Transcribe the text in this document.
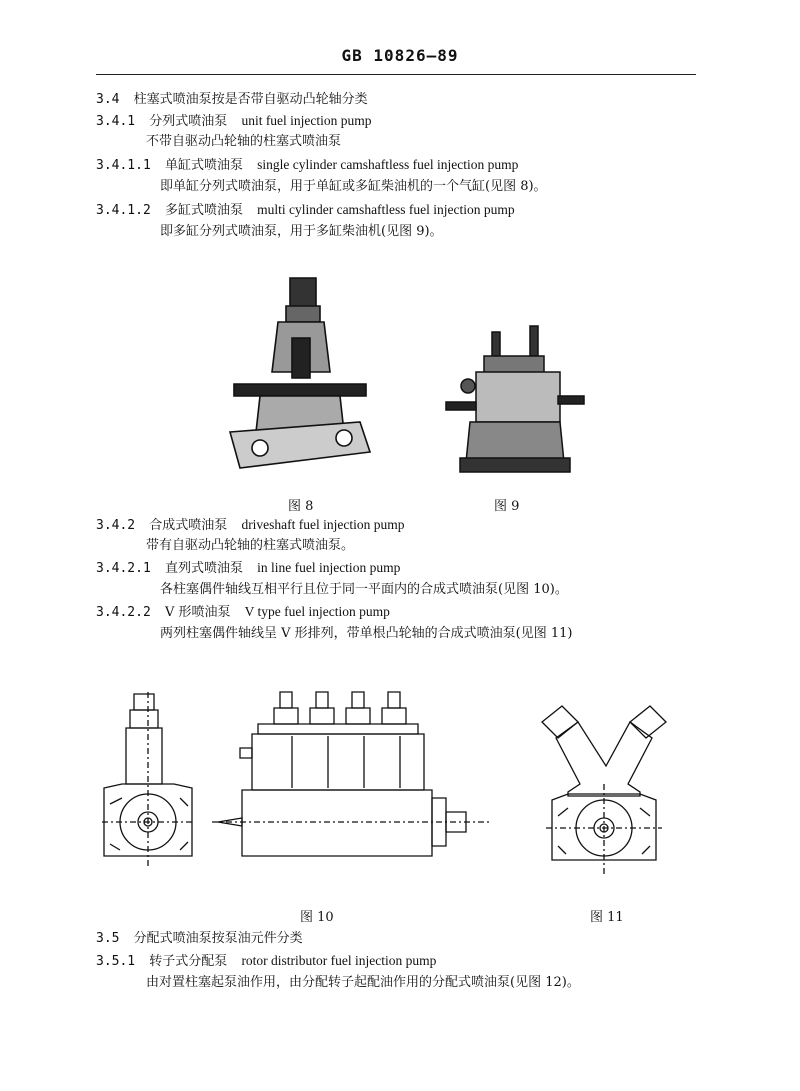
GB 10826—89
3.4 柱塞式喷油泵按是否带自驱动凸轮轴分类
3.4.1 分列式喷油泵 unit fuel injection pump
不带自驱动凸轮轴的柱塞式喷油泵
3.4.1.1 单缸式喷油泵 single cylinder camshaftless fuel injection pump
即单缸分列式喷油泵，用于单缸或多缸柴油机的一个气缸(见图 8)。
3.4.1.2 多缸式喷油泵 multi cylinder camshaftless fuel injection pump
即多缸分列式喷油泵，用于多缸柴油机(见图 9)。
图 8	图 9
3.4.2 合成式喷油泵 driveshaft fuel injection pump
带有自驱动凸轮轴的柱塞式喷油泵。
3.4.2.1 直列式喷油泵 in line fuel injection pump
各柱塞偶件轴线互相平行且位于同一平面内的合成式喷油泵(见图 10)。
3.4.2.2 V 形喷油泵 V type fuel injection pump
两列柱塞偶件轴线呈 V 形排列，带单根凸轮轴的合成式喷油泵(见图 11)
图 10	图 11
3.5 分配式喷油泵按泵油元件分类
3.5.1 转子式分配泵 rotor distributor fuel injection pump
由对置柱塞起泵油作用，由分配转子起配油作用的分配式喷油泵(见图 12)。
